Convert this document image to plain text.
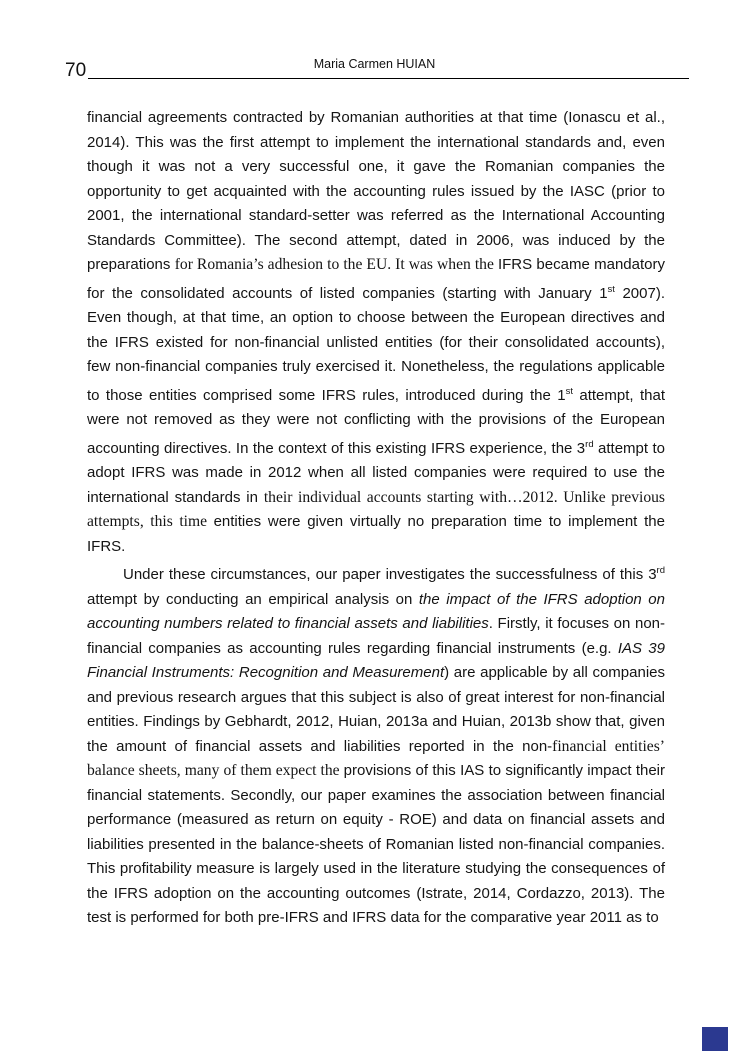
70	Maria Carmen HUIAN

financial agreements contracted by Romanian authorities at that time (Ionascu et al., 2014). This was the first attempt to implement the international standards and, even though it was not a very successful one, it gave the Romanian companies the opportunity to get acquainted with the accounting rules issued by the IASC (prior to 2001, the international standard-setter was referred as the International Accounting Standards Committee). The second attempt, dated in 2006, was induced by the preparations for Romania’s adhesion to the EU. It was when the IFRS became mandatory for the consolidated accounts of listed companies (starting with January 1st 2007). Even though, at that time, an option to choose between the European directives and the IFRS existed for non-financial unlisted entities (for their consolidated accounts), few non-financial companies truly exercised it. Nonetheless, the regulations applicable to those entities comprised some IFRS rules, introduced during the 1st attempt, that were not removed as they were not conflicting with the provisions of the European accounting directives. In the context of this existing IFRS experience, the 3rd attempt to adopt IFRS was made in 2012 when all listed companies were required to use the international standards in their individual accounts starting with…2012. Unlike previous attempts, this time entities were given virtually no preparation time to implement the IFRS.

Under these circumstances, our paper investigates the successfulness of this 3rd attempt by conducting an empirical analysis on the impact of the IFRS adoption on accounting numbers related to financial assets and liabilities. Firstly, it focuses on non-financial companies as accounting rules regarding financial instruments (e.g. IAS 39 Financial Instruments: Recognition and Measurement) are applicable by all companies and previous research argues that this subject is also of great interest for non-financial entities. Findings by Gebhardt, 2012, Huian, 2013a and Huian, 2013b show that, given the amount of financial assets and liabilities reported in the non-financial entities’ balance sheets, many of them expect the provisions of this IAS to significantly impact their financial statements. Secondly, our paper examines the association between financial performance (measured as return on equity - ROE) and data on financial assets and liabilities presented in the balance-sheets of Romanian listed non-financial companies. This profitability measure is largely used in the literature studying the consequences of the IFRS adoption on the accounting outcomes (Istrate, 2014, Cordazzo, 2013). The test is performed for both pre-IFRS and IFRS data for the comparative year 2011 as to
